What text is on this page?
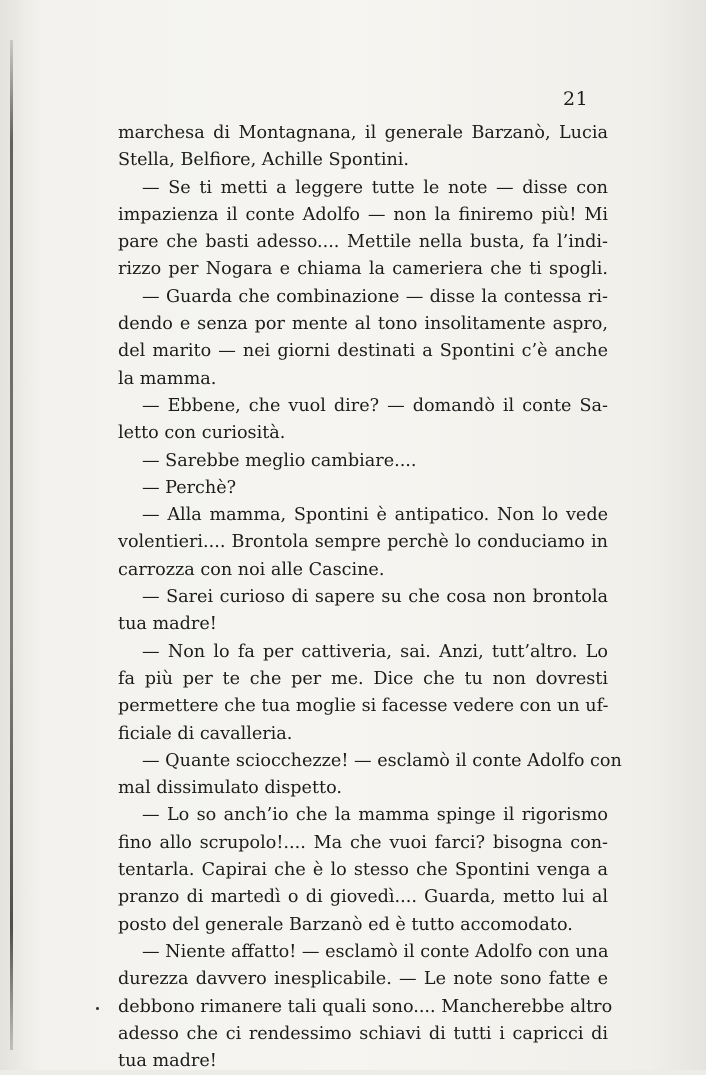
21
marchesa di Montagnana, il generale Barzanò, Lucia
Stella, Belfiore, Achille Spontini.
— Se ti metti a leggere tutte le note — disse con
impazienza il conte Adolfo — non la finiremo più! Mi
pare che basti adesso.... Mettile nella busta, fa l’indi-
rizzo per Nogara e chiama la cameriera che ti spogli.
— Guarda che combinazione — disse la contessa ri-
dendo e senza por mente al tono insolitamente aspro,
del marito — nei giorni destinati a Spontini c’è anche
la mamma.
— Ebbene, che vuol dire? — domandò il conte Sa-
letto con curiosità.
— Sarebbe meglio cambiare....
— Perchè?
— Alla mamma, Spontini è antipatico. Non lo vede
volentieri.... Brontola sempre perchè lo conduciamo in
carrozza con noi alle Cascine.
— Sarei curioso di sapere su che cosa non brontola
tua madre!
— Non lo fa per cattiveria, sai. Anzi, tutt’altro. Lo
fa più per te che per me. Dice che tu non dovresti
permettere che tua moglie si facesse vedere con un uf-
ficiale di cavalleria.
— Quante sciocchezze! — esclamò il conte Adolfo con
mal dissimulato dispetto.
— Lo so anch’io che la mamma spinge il rigorismo
fino allo scrupolo!.... Ma che vuoi farci? bisogna con-
tentarla. Capirai che è lo stesso che Spontini venga a
pranzo di martedì o di giovedì.... Guarda, metto lui al
posto del generale Barzanò ed è tutto accomodato.
— Niente affatto! — esclamò il conte Adolfo con una
durezza davvero inesplicabile. — Le note sono fatte e
debbono rimanere tali quali sono.... Mancherebbe altro
adesso che ci rendessimo schiavi di tutti i capricci di
tua madre!
